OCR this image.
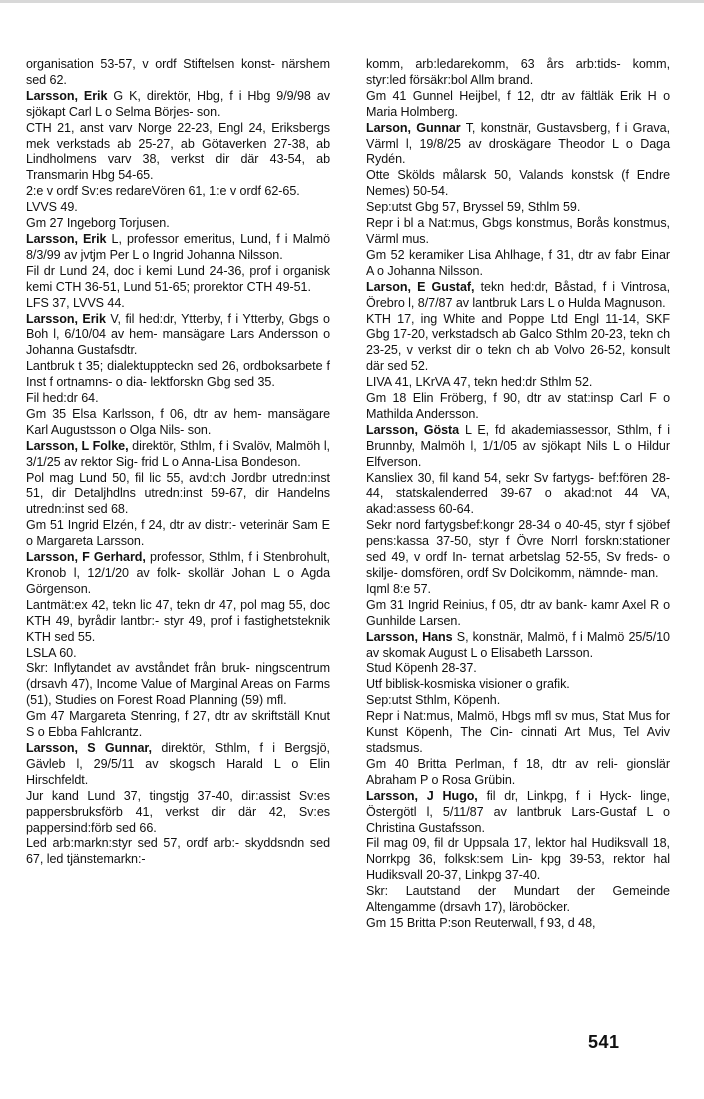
organisation 53-57, v ordf Stiftelsen konst- närshem sed 62.

Larsson, Erik G K, direktör, Hbg, f i Hbg 9/9/98 av sjökapt Carl L o Selma Börjes- son.

CTH 21, anst varv Norge 22-23, Engl 24, Eriksbergs mek verkstads ab 25-27, ab Götaverken 27-38, ab Lindholmens varv 38, verkst dir där 43-54, ab Transmarin Hbg 54-65.

2:e v ordf Sv:es redareVören 61, 1:e v ordf 62-65.

LVVS 49.

Gm 27 Ingeborg Torjusen.

Larsson, Erik L, professor emeritus, Lund, f i Malmö 8/3/99 av jvtjm Per L o Ingrid Johanna Nilsson.

Fil dr Lund 24, doc i kemi Lund 24-36, prof i organisk kemi CTH 36-51, Lund 51-65; prorektor CTH 49-51.

LFS 37, LVVS 44.

Larsson, Erik V, fil hed:dr, Ytterby, f i Ytterby, Gbgs o Boh l, 6/10/04 av hem- mansägare Lars Andersson o Johanna Gustafsdtr.

Lantbruk t 35; dialektuppteckn sed 26, ordboksarbete f Inst f ortnamns- o dia- lektforskn Gbg sed 35.

Fil hed:dr 64.

Gm 35 Elsa Karlsson, f 06, dtr av hem- mansägare Karl Augustsson o Olga Nils- son.

Larsson, L Folke, direktör, Sthlm, f i Svalöv, Malmöh l, 3/1/25 av rektor Sig- frid L o Anna-Lisa Bondeson.

Pol mag Lund 50, fil lic 55, avd:ch Jordbr utredn:inst 51, dir Detaljhdlns utredn:inst 59-67, dir Handelns utredn:inst sed 68.

Gm 51 Ingrid Elzén, f 24, dtr av distr:- veterinär Sam E o Margareta Larsson.

Larsson, F Gerhard, professor, Sthlm, f i Stenbrohult, Kronob l, 12/1/20 av folk- skollär Johan L o Agda Görgenson.

Lantmät:ex 42, tekn lic 47, tekn dr 47, pol mag 55, doc KTH 49, byrådir lantbr:- styr 49, prof i fastighetsteknik KTH sed 55.

LSLA 60.

Skr: Inflytandet av avståndet från bruk- ningscentrum (drsavh 47), Income Value of Marginal Areas on Farms (51), Studies on Forest Road Planning (59) mfl.

Gm 47 Margareta Stenring, f 27, dtr av skriftställ Knut S o Ebba Fahlcrantz.

Larsson, S Gunnar, direktör, Sthlm, f i Bergsjö, Gävleb l, 29/5/11 av skogsch Harald L o Elin Hirschfeldt.

Jur kand Lund 37, tingstjg 37-40, dir:assist Sv:es pappersbruksförb 41, verkst dir där 42, Sv:es pappersind:förb sed 66.

Led arb:markn:styr sed 57, ordf arb:- skyddsndn sed 67, led tjänstemarkn:-

komm, arb:ledarekomm, 63 års arb:tids- komm, styr:led försäkr:bol Allm brand.

Gm 41 Gunnel Heijbel, f 12, dtr av fältläk Erik H o Maria Holmberg.

Larson, Gunnar T, konstnär, Gustavsberg, f i Grava, Värml l, 19/8/25 av droskägare Theodor L o Daga Rydén.

Otte Skölds målarsk 50, Valands konstsk (f Endre Nemes) 50-54.

Sep:utst Gbg 57, Bryssel 59, Sthlm 59.

Repr i bl a Nat:mus, Gbgs konstmus, Borås konstmus, Värml mus.

Gm 52 keramiker Lisa Ahlhage, f 31, dtr av fabr Einar A o Johanna Nilsson.

Larson, E Gustaf, tekn hed:dr, Båstad, f i Vintrosa, Örebro l, 8/7/87 av lantbruk Lars L o Hulda Magnuson.

KTH 17, ing White and Poppe Ltd Engl 11-14, SKF Gbg 17-20, verkstadsch ab Galco Sthlm 20-23, tekn ch 23-25, v verkst dir o tekn ch ab Volvo 26-52, konsult där sed 52.

LIVA 41, LKrVA 47, tekn hed:dr Sthlm 52.

Gm 18 Elin Fröberg, f 90, dtr av stat:insp Carl F o Mathilda Andersson.

Larsson, Gösta L E, fd akademiassessor, Sthlm, f i Brunnby, Malmöh l, 1/1/05 av sjökapt Nils L o Hildur Elfverson.

Kansliex 30, fil kand 54, sekr Sv fartygs- bef:fören 28-44, statskalenderred 39-67 o akad:not 44 VA, akad:assess 60-64.

Sekr nord fartygsbef:kongr 28-34 o 40-45, styr f sjöbef pens:kassa 37-50, styr f Övre Norrl forskn:stationer sed 49, v ordf In- ternat arbetslag 52-55, Sv freds- o skilje- domsfören, ordf Sv Dolcikomm, nämnde- man.

Iqml 8:e 57.

Gm 31 Ingrid Reinius, f 05, dtr av bank- kamr Axel R o Gunhilde Larsen.

Larsson, Hans S, konstnär, Malmö, f i Malmö 25/5/10 av skomak August L o Elisabeth Larsson.

Stud Köpenh 28-37.

Utf biblisk-kosmiska visioner o grafik.

Sep:utst Sthlm, Köpenh.

Repr i Nat:mus, Malmö, Hbgs mfl sv mus, Stat Mus for Kunst Köpenh, The Cin- cinnati Art Mus, Tel Aviv stadsmus.

Gm 40 Britta Perlman, f 18, dtr av reli- gionslär Abraham P o Rosa Grübin.

Larsson, J Hugo, fil dr, Linkpg, f i Hyck- linge, Östergötl l, 5/11/87 av lantbruk Lars-Gustaf L o Christina Gustafsson.

Fil mag 09, fil dr Uppsala 17, lektor hal Hudiksvall 18, Norrkpg 36, folksk:sem Lin- kpg 39-53, rektor hal Hudiksvall 20-37, Linkpg 37-40.

Skr: Lautstand der Mundart der Gemeinde Altengamme (drsavh 17), läroböcker.

Gm 15 Britta P:son Reuterwall, f 93, d 48,

541
